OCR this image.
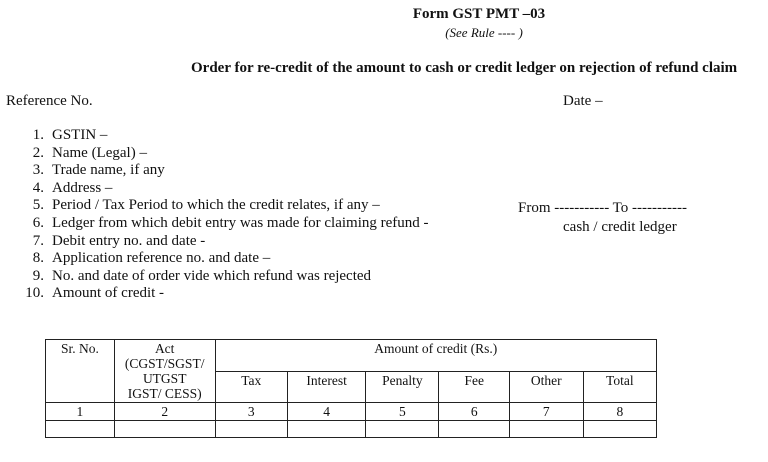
Form GST PMT –03
(See Rule ---- )
Order for re-credit of the amount to cash or credit ledger on rejection of refund claim
Reference No.	Date –
1. GSTIN –
2. Name (Legal) –
3. Trade name, if any
4. Address –
5. Period / Tax Period to which the credit relates, if any –
6. Ledger from which debit entry was made for claiming refund -
7. Debit entry no. and date -
8. Application reference no. and date –
9. No. and date of order vide which refund was rejected
10. Amount of credit -
From ----------- To -----------
cash / credit ledger
Sr. No.	Act
(CGST/SGST/
UTGST
IGST/ CESS)	Amount of credit (Rs.)					
		Tax	Interest	Penalty	Fee	Other	Total
1	2	3	4	5	6	7	8
